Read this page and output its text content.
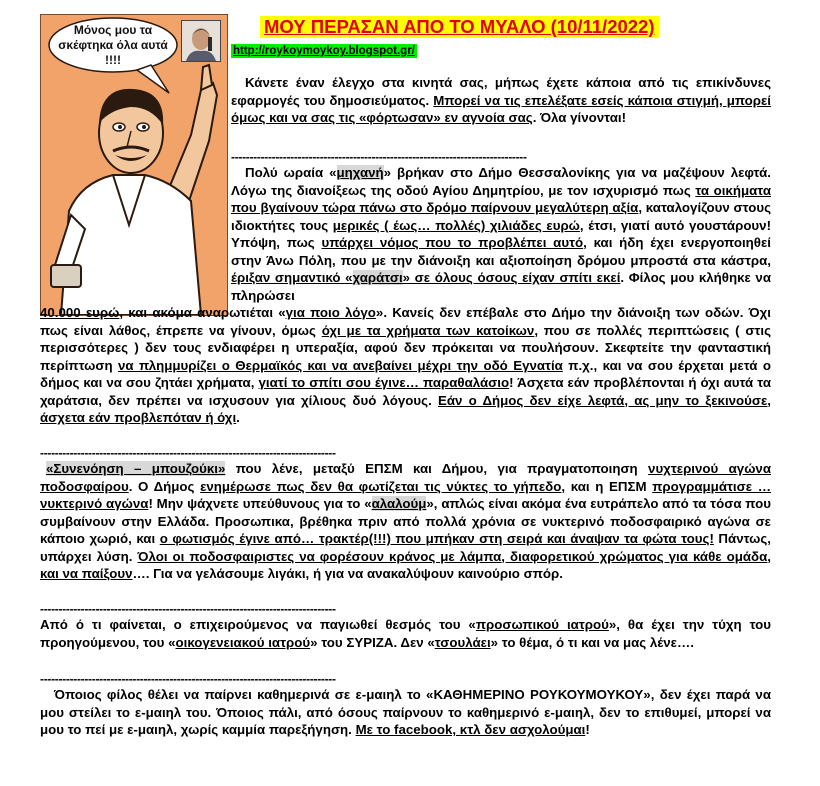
Μόνος μου τα σκέφτηκα όλα αυτά !!!!
ΜΟΥ ΠΕΡΑΣΑΝ ΑΠΟ ΤΟ ΜΥΑΛΟ (10/11/2022)
http://roykoymoykoy.blogspot.gr/
Κάνετε έναν έλεγχο στα κινητά σας, μήπως έχετε κάποια από τις επικίνδυνες εφαρμογές του δημοσιεύματος. Μπορεί να τις επελέξατε εσείς κάποια στιγμή, μπορεί όμως και να σας τις «φόρτωσαν» εν αγνοία σας. Όλα γίνονται!
--------------------------------------------------------------------------------
Πολύ ωραία «μηχανή» βρήκαν στο Δήμο Θεσσαλονίκης για να μαζέψουν λεφτά. Λόγω της διανοίξεως της οδού Αγίου Δημητρίου, με τον ισχυρισμό πως τα οικήματα που βγαίνουν τώρα πάνω στο δρόμο παίρνουν μεγαλύτερη αξία, καταλογίζουν στους ιδιοκτήτες τους μερικές ( έως… πολλές) χιλιάδες ευρώ, έτσι, γιατί αυτό γουστάρουν! Υπόψη, πως υπάρχει νόμος που το προβλέπει αυτό, και ήδη έχει ενεργοποιηθεί στην Άνω Πόλη, που με την διάνοιξη και αξιοποίηση δρόμου μπροστά στα κάστρα, έριξαν σημαντικό «χαράτσι» σε όλους όσους είχαν σπίτι εκεί. Φίλος μου κλήθηκε να πληρώσει
40.000 ευρώ, και ακόμα αναρωτιέται «για ποιο λόγο». Κανείς δεν επέβαλε στο Δήμο την διάνοιξη των οδών. Όχι πως είναι λάθος, έπρεπε να γίνουν, όμως όχι με τα χρήματα των κατοίκων, που σε πολλές περιπτώσεις ( στις περισσότερες ) δεν τους ενδιαφέρει η υπεραξία, αφού δεν πρόκειται να πουλήσουν. Σκεφτείτε την φανταστική περίπτωση να πλημμυρίζει ο Θερμαϊκός και να ανεβαίνει μέχρι την οδό Εγνατία π.χ., και να σου έρχεται μετά ο δήμος και να σου ζητάει χρήματα, γιατί το σπίτι σου έγινε… παραθαλάσιο! Άσχετα εάν προβλέπονται ή όχι αυτά τα χαράτσια, δεν πρέπει να ισχυσουν για χίλιους δυό λόγους. Εάν ο Δήμος δεν είχε λεφτά, ας μην το ξεκινούσε, άσχετα εάν προβλεπόταν ή όχι.
--------------------------------------------------------------------------------
«Συνενόηση – μπουζούκι» που λένε, μεταξύ ΕΠΣΜ και Δήμου, για πραγματοποιηση νυχτερινού αγώνα ποδοσφαίρου. Ο Δήμος ενημέρωσε πως δεν θα φωτίζεται τις νύκτες το γήπεδο, και η ΕΠΣΜ προγραμμάτισε … νυκτερινό αγώνα! Μην ψάχνετε υπεύθυνους για το «αλαλούμ», απλώς είναι ακόμα ένα ευτράπελο από τα τόσα που συμβαίνουν στην Ελλάδα. Προσωπικα, βρέθηκα πριν από πολλά χρόνια σε νυκτερινό ποδοσφαιρικό αγώνα σε κάποιο χωριό, και ο φωτισμός έγινε από… τρακτέρ(!!!) που μπήκαν στη σειρά και άναψαν τα φώτα τους! Πάντως, υπάρχει λύση. Όλοι οι ποδοσφαιριστες να φορέσουν κράνος με λάμπα, διαφορετικού χρώματος για κάθε ομάδα, και να παίξουν…. Για να γελάσουμε λιγάκι, ή για να ανακαλύψουν καινούριο σπόρ.
--------------------------------------------------------------------------------
Από ό τι φαίνεται, ο επιχειρούμενος να παγιωθεί θεσμός του «προσωπικού ιατρού», θα έχει την τύχη του προηγούμενου, του «οικογενειακού ιατρού» του ΣΥΡΙΖΑ. Δεν «τσουλάει» το θέμα, ό τι και να μας λένε….
--------------------------------------------------------------------------------
Όποιος φίλος θέλει να παίρνει καθημερινά σε ε-μαιηλ το «ΚΑΘΗΜΕΡΙΝΟ ΡΟΥΚΟΥΜΟΥΚΟΥ», δεν έχει παρά να μου στείλει το ε-μαιηλ του. Όποιος πάλι, από όσους παίρνουν το καθημερινό ε-μαιηλ, δεν το επιθυμεί, μπορεί να μου το πεί με ε-μαιηλ, χωρίς καμμία παρεξήγηση. Με το facebook, κτλ δεν ασχολούμαι!
